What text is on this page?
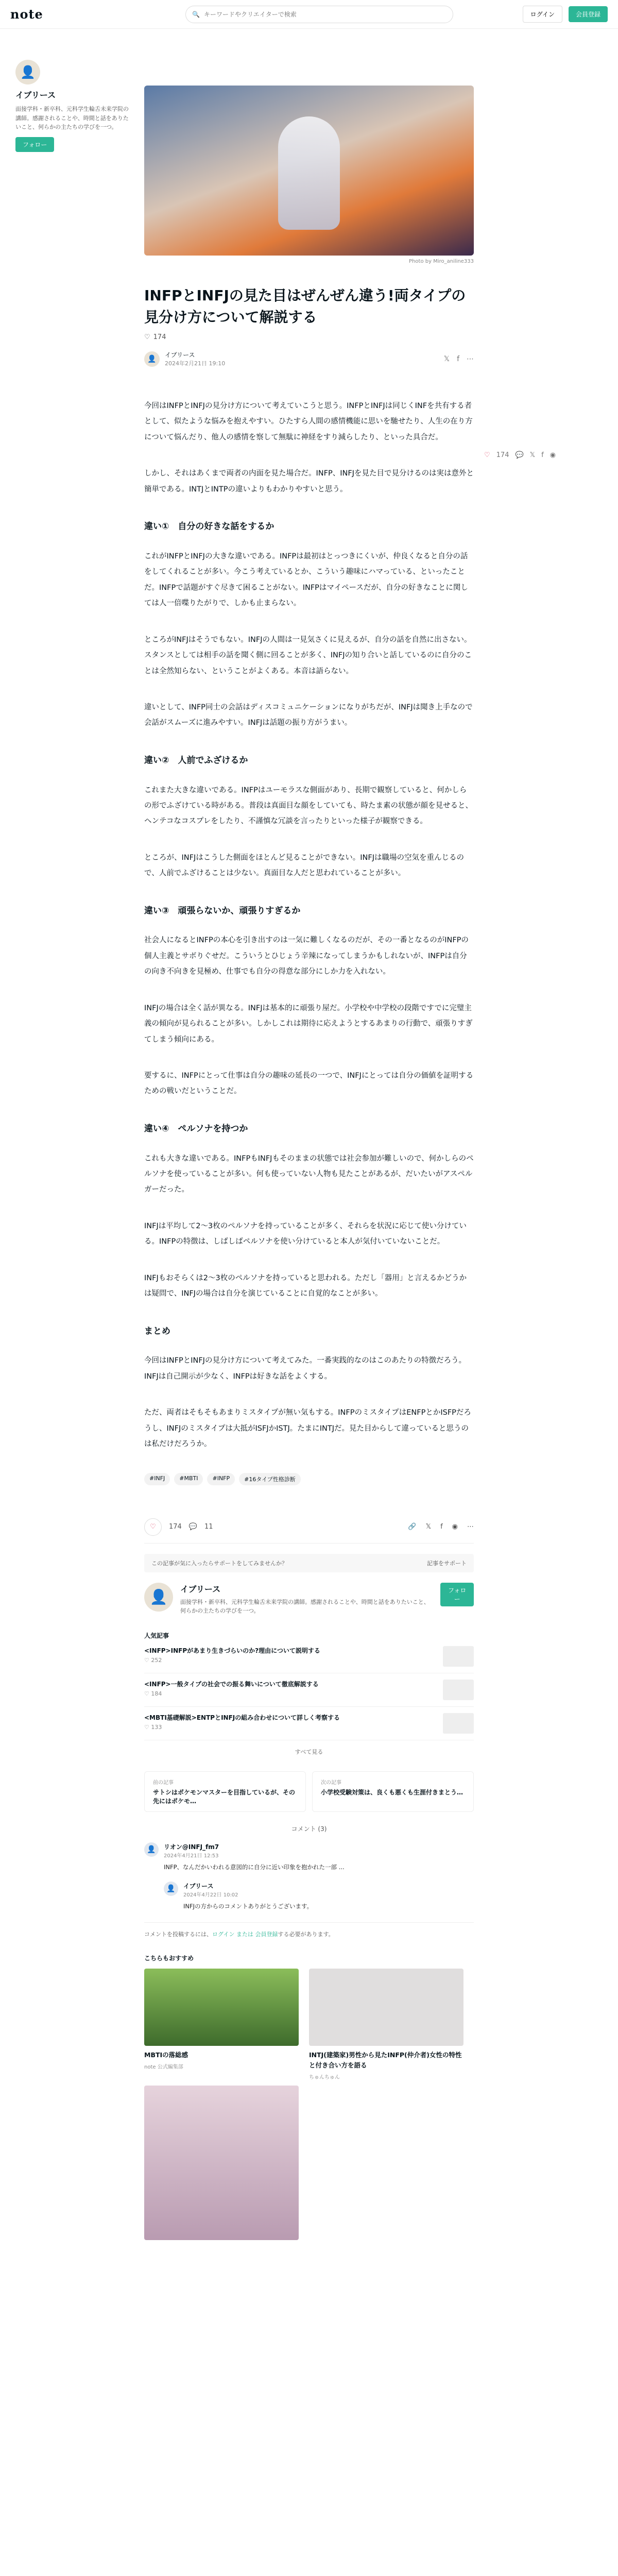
note	🔍
キーワードやクリエイターで検索	ログイン	会員登録
👤
イブリース
面接学科・新卒科、元科学生輪舌未来学院の講師。感謝されることや、時間と話をありたいこと、何らかの主たちの学びを一つ。
フォロー
Photo by Miro_aniline333
INFPとINFJの見た目はぜんぜん違う!両タイプの見分け方について解説する
♡ 174
👤	イブリース
2024年2月21日 19:10
𝕏 f ⋯

今回はINFPとINFJの見分け方について考えていこうと思う。INFPとINFJは同じくINFを共有する者として、似たような悩みを抱えやすい。ひたすら人間の感情機能に思いを馳せたり、人生の在り方について悩んだり、他人の感情を察して無駄に神経をすり減らしたり、といった具合だ。

しかし、それはあくまで両者の内面を見た場合だ。INFP、INFJを見た目で見分けるのは実は意外と簡単である。INTJとINTPの違いよりもわかりやすいと思う。

違い①　自分の好きな話をするか

これがINFPとINFJの大きな違いである。INFPは最初はとっつきにくいが、仲良くなると自分の話をしてくれることが多い。今こう考えているとか、こういう趣味にハマっている、といったことだ。INFPで話題がすぐ尽きて困ることがない。INFPはマイペースだが、自分の好きなことに関しては人一倍喋りたがりで、しかも止まらない。

ところがINFJはそうでもない。INFJの人間は一見気さくに見えるが、自分の話を自然に出さない。スタンスとしては相手の話を聞く側に回ることが多く、INFJの知り合いと話しているのに自分のことは全然知らない、ということがよくある。本音は語らない。

違いとして、INFP同士の会話はディスコミュニケーションになりがちだが、INFJは聞き上手なので会話がスムーズに進みやすい。INFJは話題の振り方がうまい。

違い②　人前でふざけるか

これまた大きな違いである。INFPはユーモラスな側面があり、長期で観察していると、何かしらの形でふざけている時がある。普段は真面目な顔をしていても、時たま素の状態が顔を見せると、ヘンテコなコスプレをしたり、不謹慎な冗談を言ったりといった様子が観察できる。

ところが、INFJはこうした側面をほとんど見ることができない。INFJは職場の空気を重んじるので、人前でふざけることは少ない。真面目な人だと思われていることが多い。

違い③　頑張らないか、頑張りすぎるか

社会人になるとINFPの本心を引き出すのは一気に難しくなるのだが、その一番となるのがINFPの個人主義とサボりぐせだ。こういうとひじょう辛辣になってしまうかもしれないが、INFPは自分の向き不向きを見極め、仕事でも自分の得意な部分にしか力を入れない。

INFJの場合は全く話が異なる。INFJは基本的に頑張り屋だ。小学校や中学校の段階ですでに完璧主義の傾向が見られることが多い。しかしこれは期待に応えようとするあまりの行動で、頑張りすぎてしまう傾向にある。

要するに、INFPにとって仕事は自分の趣味の延長の一つで、INFJにとっては自分の価値を証明するための戦いだということだ。

違い④　ペルソナを持つか

これも大きな違いである。INFPもINFJもそのままの状態では社会参加が難しいので、何かしらのペルソナを使っていることが多い。何も使っていない人物も見たことがあるが、だいたいがアスペルガーだった。

INFJは平均して2〜3枚のペルソナを持っていることが多く、それらを状況に応じて使い分けている。INFPの特徴は、しばしばペルソナを使い分けていると本人が気付いていないことだ。

INFJもおそらくは2〜3枚のペルソナを持っていると思われる。ただし「器用」と言えるかどうかは疑問で、INFJの場合は自分を演じていることに自覚的なことが多い。

まとめ

今回はINFPとINFJの見分け方について考えてみた。一番実践的なのはこのあたりの特徴だろう。INFJは自己開示が少なく、INFPは好きな話をよくする。

ただ、両者はそもそもあまりミスタイプが無い気もする。INFPのミスタイプはENFPとかISFPだろうし、INFJのミスタイプは大抵がISFJかISTJ。たまにINTJだ。見た目からして違っていると思うのは私だけだろうか。

#INFJ	#MBTI	#INFP	#16タイプ性格診断
♡ 174 💬 11	🔗 𝕏 f ◉ ⋯
この記事が気に入ったらサポートをしてみませんか？	記事をサポート
👤	イブリース
面接学科・新卒科、元科学生輪舌未来学院の講師。感謝されることや、時間と話をありたいこと、何らかの主たちの学びを一つ。
フォロー
人気記事
<INFP>INFPがあまり生きづらいのか?理由について説明する
♡ 252
<INFP>一般タイプの社会での振る舞いについて徹底解説する
♡ 184
<MBTI基礎解説>ENTPとINFJの組み合わせについて詳しく考察する
♡ 133
すべて見る
前の記事
サトシはポケモンマスターを目指しているが、その先にはポケモ…
次の記事
小学校受験対策は、良くも悪くも生涯付きまとう…
コメント (3)
👤	リオン@INFJ_fm7
2024年4月21日 12:53
INFP、なんだかいわれる意図的に自分に近い印象を抱かれた一部 ...
👤	イブリース
2024年4月22日 10:02
INFJの方からのコメントありがとうございます。
コメントを投稿するには、ログイン または 会員登録する必要があります。
こちらもおすすめ
MBTIの落総感
note 公式編集部
INTJ(建築家)男性から見たINFP(仲介者)女性の特性と付き合い方を語る
ちゅんちゅん
♡ 174 💬 𝕏 f ◉
